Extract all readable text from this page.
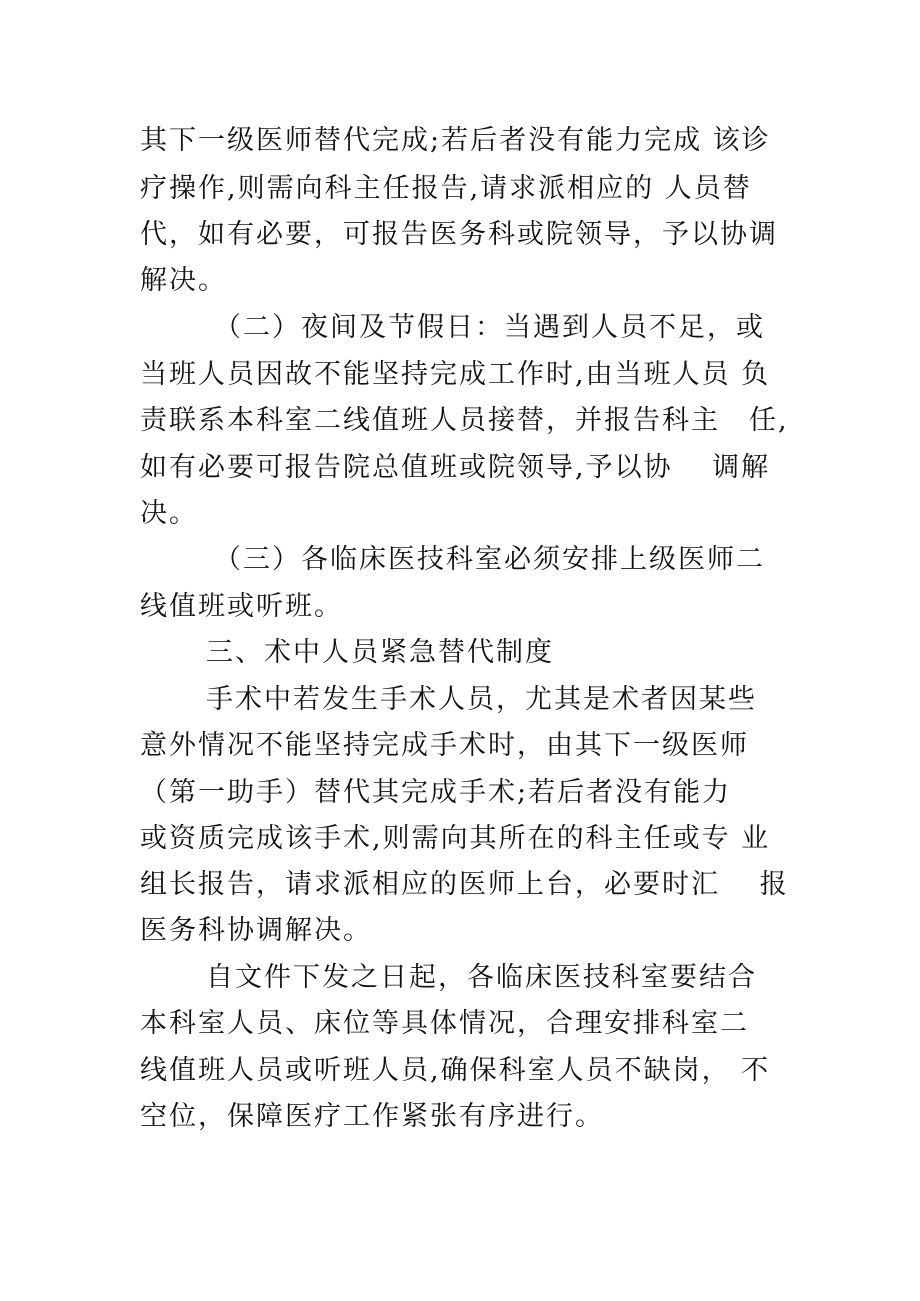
其下一级医师替代完成;若后者没有能力完成 该诊
疗操作,则需向科主任报告,请求派相应的 人员替
代，如有必要，可报告医务科或院领导，予以协调
解决。
（二）夜间及节假日：当遇到人员不足，或
当班人员因故不能坚持完成工作时,由当班人员 负
责联系本科室二线值班人员接替，并报告科主　任,
如有必要可报告院总值班或院领导,予以协　 调解
决。
（三）各临床医技科室必须安排上级医师二
线值班或听班。
三、术中人员紧急替代制度
手术中若发生手术人员，尤其是术者因某些
意外情况不能坚持完成手术时，由其下一级医师
（第一助手）替代其完成手术;若后者没有能力
或资质完成该手术,则需向其所在的科主任或专 业
组长报告，请求派相应的医师上台，必要时汇　 报
医务科协调解决。
自文件下发之日起，各临床医技科室要结合
本科室人员、床位等具体情况，合理安排科室二
线值班人员或听班人员,确保科室人员不缺岗， 不
空位，保障医疗工作紧张有序进行。
